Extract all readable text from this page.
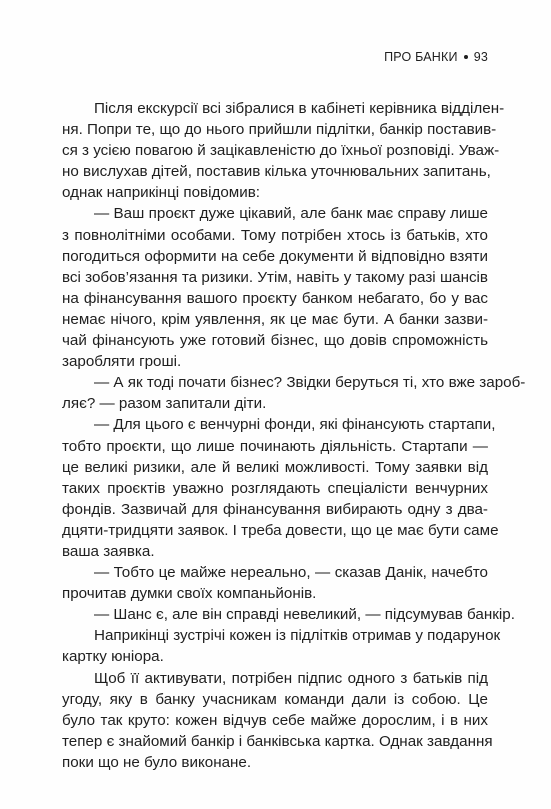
ПРО БАНКИ 93
Після екскурсії всі зібралися в кабінеті керівника відділен-
ня. Попри те, що до нього прийшли підлітки, банкір поставив-
ся з усією повагою й зацікавленістю до їхньої розповіді. Уваж-
но вислухав дітей, поставив кілька уточнювальних запитань,
однак наприкінці повідомив:
— Ваш проєкт дуже цікавий, але банк має справу лише
з повнолітніми особами. Тому потрібен хтось із батьків, хто
погодиться оформити на себе документи й відповідно взяти
всі зобов’язання та ризики. Утім, навіть у такому разі шансів
на фінансування вашого проєкту банком небагато, бо у вас
немає нічого, крім уявлення, як це має бути. А банки зазви-
чай фінансують уже готовий бізнес, що довів спроможність
заробляти гроші.
— А як тоді почати бізнес? Звідки беруться ті, хто вже зароб-
ляє? — разом запитали діти.
— Для цього є венчурні фонди, які фінансують стартапи,
тобто проєкти, що лише починають діяльність. Стартапи —
це великі ризики, але й великі можливості. Тому заявки від
таких проєктів уважно розглядають спеціалісти венчурних
фондів. Зазвичай для фінансування вибирають одну з два-
дцяти-тридцяти заявок. І треба довести, що це має бути саме
ваша заявка.
— Тобто це майже нереально, — сказав Данік, начебто
прочитав думки своїх компаньйонів.
— Шанс є, але він справді невеликий, — підсумував банкір.
Наприкінці зустрічі кожен із підлітків отримав у подарунок
картку юніора.
Щоб її активувати, потрібен підпис одного з батьків під
угоду, яку в банку учасникам команди дали із собою. Це
було так круто: кожен відчув себе майже дорослим, і в них
тепер є знайомий банкір і банківська картка. Однак завдання
поки що не було виконане.
